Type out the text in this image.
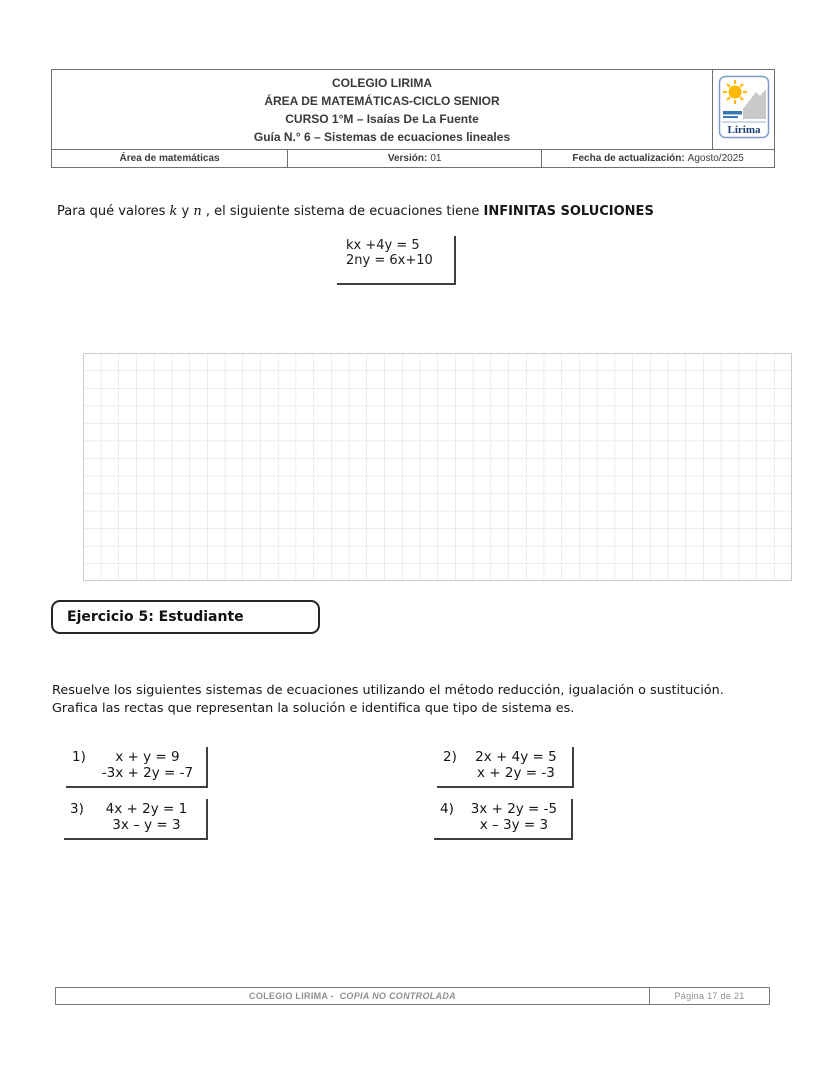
COLEGIO LIRIMA
ÁREA DE MATEMÁTICAS-CICLO SENIOR
CURSO 1°M – Isaías De La Fuente
Guía N.° 6 – Sistemas de ecuaciones lineales	Lirima
Área de matemáticas	Versión: 01	Fecha de actualización: Agosto/2025
Para qué valores k y n , el siguiente sistema de ecuaciones tiene INFINITAS SOLUCIONES
kx +4y = 5
2ny = 6x+10
Ejercicio 5: Estudiante
Resuelve los siguientes sistemas de ecuaciones utilizando el método reducción, igualación o sustitución.
Grafica las rectas que representan la solución e identifica que tipo de sistema es.
1)	x + y = 9
-3x + 2y = -7
2)	2x + 4y = 5
x + 2y = -3
3)	4x + 2y = 1
3x – y = 3
4)	3x + 2y = -5
x – 3y = 3
COLEGIO LIRIMA - COPIA NO CONTROLADA	Página 17 de 21
